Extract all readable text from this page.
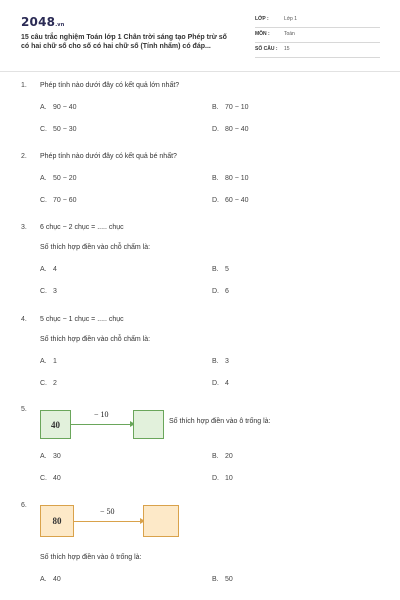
2048.vn
15 câu trắc nghiệm Toán lớp 1 Chân trời sáng tạo Phép trừ số có hai chữ số cho số có hai chữ số (Tính nhẩm) có đáp...
LỚP :	Lớp 1
MÔN :	Toán
SỐ CÂU : 15
1. Phép tính nào dưới đây có kết quả lớn nhất?
A. 90 − 40	B. 70 − 10
C. 50 − 30	D. 80 − 40
2. Phép tính nào dưới đây có kết quả bé nhất?
A. 50 − 20	B. 80 − 10
C. 70 − 60	D. 60 − 40
3. 6 chục − 2 chục = ..... chục
Số thích hợp điền vào chỗ chấm là:
A. 4	B. 5
C. 3	D. 6
4. 5 chục − 1 chục = ..... chục
Số thích hợp điền vào chỗ chấm là:
A. 1	B. 3
C. 2	D. 4
5.
40
− 10
Số thích hợp điền vào ô trống là:
A. 30	B. 20
C. 40	D. 10
6.
80
− 50
Số thích hợp điền vào ô trống là:
A. 40	B. 50
